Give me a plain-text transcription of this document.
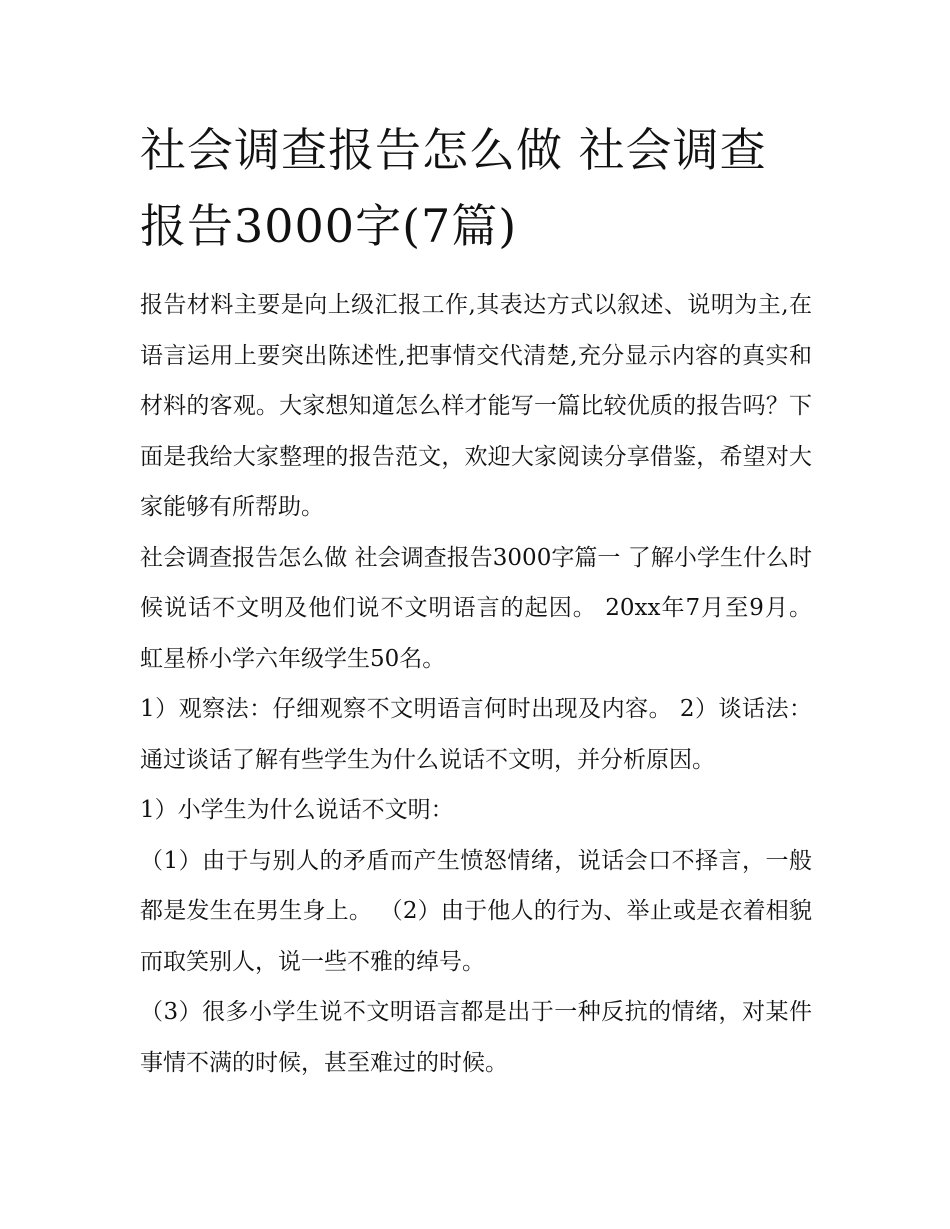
社会调查报告怎么做 社会调查报告3000字(7篇)

报告材料主要是向上级汇报工作,其表达方式以叙述、说明为主,在语言运用上要突出陈述性,把事情交代清楚,充分显示内容的真实和材料的客观。大家想知道怎么样才能写一篇比较优质的报告吗？下面是我给大家整理的报告范文，欢迎大家阅读分享借鉴，希望对大家能够有所帮助。

社会调查报告怎么做 社会调查报告3000字篇一 了解小学生什么时候说话不文明及他们说不文明语言的起因。 20xx年7月至9月。 虹星桥小学六年级学生50名。

1）观察法：仔细观察不文明语言何时出现及内容。 2）谈话法：通过谈话了解有些学生为什么说话不文明，并分析原因。

1）小学生为什么说话不文明：

（1）由于与别人的矛盾而产生愤怒情绪，说话会口不择言，一般都是发生在男生身上。 （2）由于他人的行为、举止或是衣着相貌而取笑别人，说一些不雅的绰号。

（3）很多小学生说不文明语言都是出于一种反抗的情绪，对某件事情不满的时候，甚至难过的时候。
